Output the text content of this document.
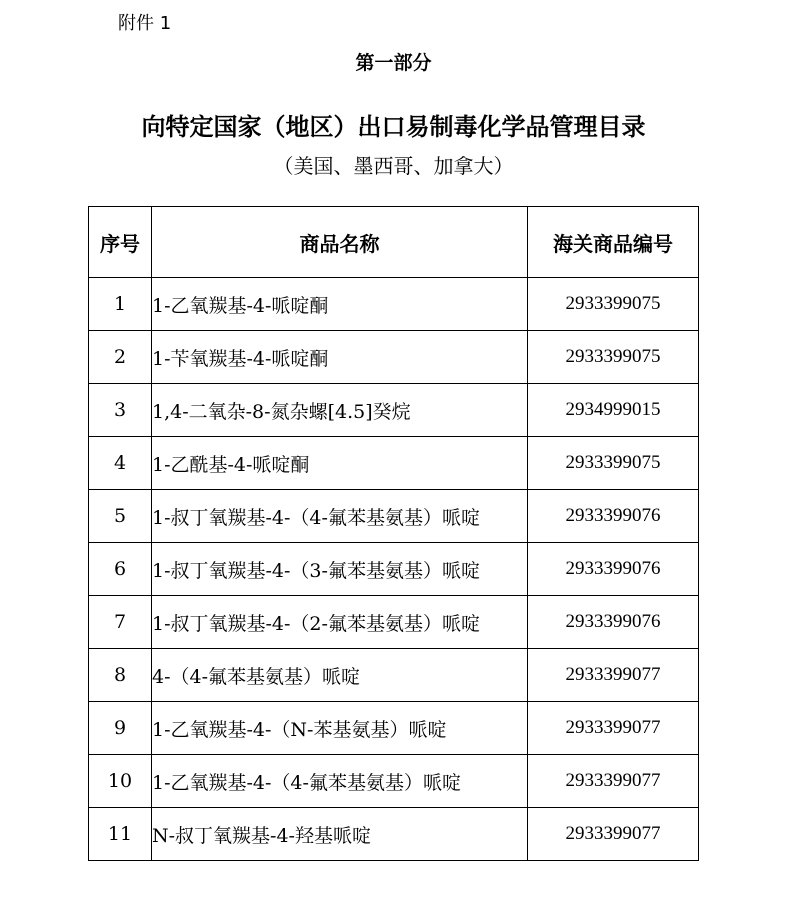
附件 1
第一部分
向特定国家（地区）出口易制毒化学品管理目录
（美国、墨西哥、加拿大）
序号	商品名称	海关商品编号
1	1-乙氧羰基-4-哌啶酮	2933399075
2	1-苄氧羰基-4-哌啶酮	2933399075
3	1,4-二氧杂-8-氮杂螺[4.5]癸烷	2934999015
4	1-乙酰基-4-哌啶酮	2933399075
5	1-叔丁氧羰基-4-（4-氟苯基氨基）哌啶	2933399076
6	1-叔丁氧羰基-4-（3-氟苯基氨基）哌啶	2933399076
7	1-叔丁氧羰基-4-（2-氟苯基氨基）哌啶	2933399076
8	4-（4-氟苯基氨基）哌啶	2933399077
9	1-乙氧羰基-4-（N-苯基氨基）哌啶	2933399077
10	1-乙氧羰基-4-（4-氟苯基氨基）哌啶	2933399077
11	N-叔丁氧羰基-4-羟基哌啶	2933399077
